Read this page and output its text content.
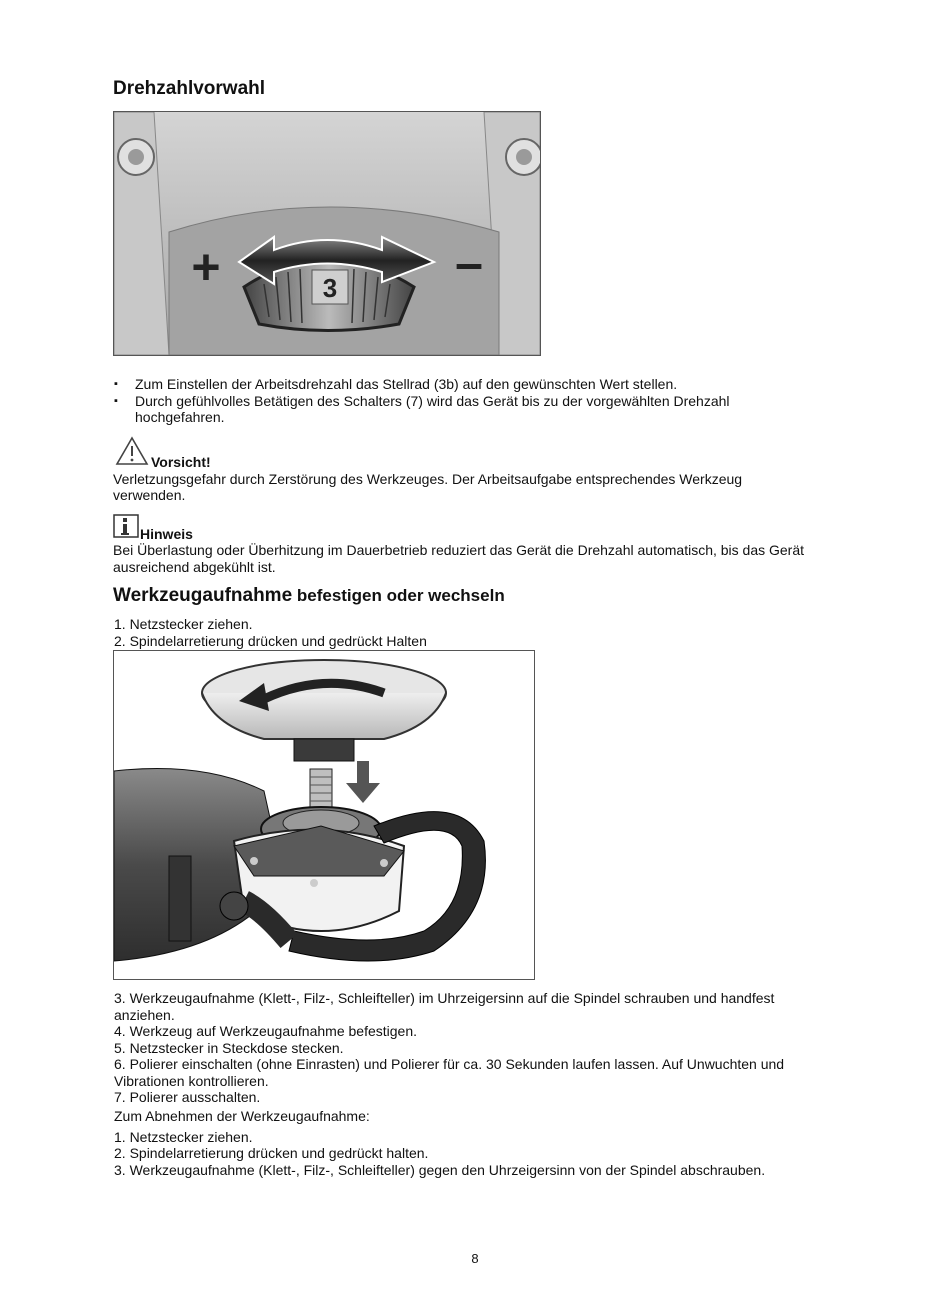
Drehzahlvorwahl
3
+	–
▪ Zum Einstellen der Arbeitsdrehzahl das Stellrad (3b) auf den gewünschten Wert stellen.
▪ Durch gefühlvolles Betätigen des Schalters (7) wird das Gerät bis zu der vorgewählten Drehzahl
hochgefahren.
Vorsicht!
Verletzungsgefahr durch Zerstörung des Werkzeuges. Der Arbeitsaufgabe entsprechendes Werkzeug
verwenden.
Hinweis
Bei Überlastung oder Überhitzung im Dauerbetrieb reduziert das Gerät die Drehzahl automatisch, bis das Gerät
ausreichend abgekühlt ist.
Werkzeugaufnahme befestigen oder wechseln
1. Netzstecker ziehen.
2. Spindelarretierung drücken und gedrückt Halten
3. Werkzeugaufnahme (Klett-, Filz-, Schleifteller) im Uhrzeigersinn auf die Spindel schrauben und handfest
anziehen.
4. Werkzeug auf Werkzeugaufnahme befestigen.
5. Netzstecker in Steckdose stecken.
6. Polierer einschalten (ohne Einrasten) und Polierer für ca. 30 Sekunden laufen lassen. Auf Unwuchten und
Vibrationen kontrollieren.
7. Polierer ausschalten.
Zum Abnehmen der Werkzeugaufnahme:
1. Netzstecker ziehen.
2. Spindelarretierung drücken und gedrückt halten.
3. Werkzeugaufnahme (Klett-, Filz-, Schleifteller) gegen den Uhrzeigersinn von der Spindel abschrauben.
8
